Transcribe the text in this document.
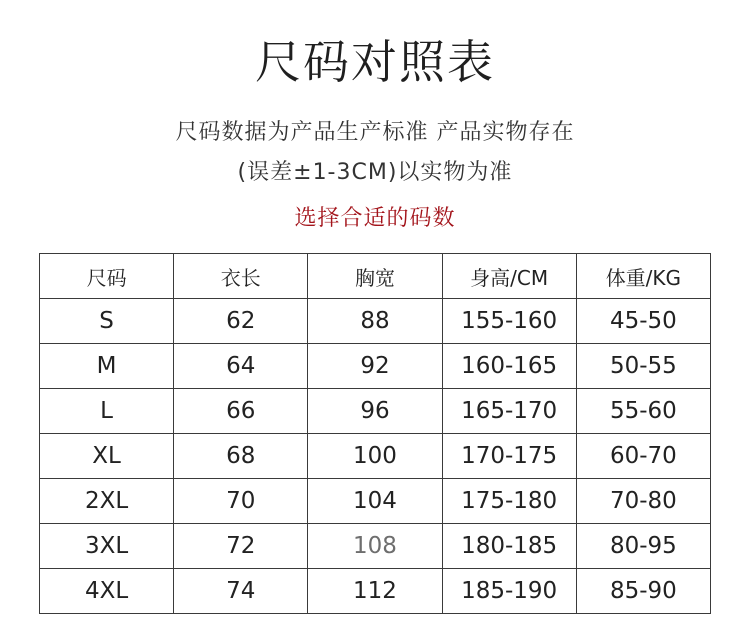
尺码对照表
尺码数据为产品生产标准 产品实物存在
(误差±1-3CM)以实物为准
选择合适的码数
尺码	衣长	胸宽	身高/CM	体重/KG
S	62	88	155-160	45-50
M	64	92	160-165	50-55
L	66	96	165-170	55-60
XL	68	100	170-175	60-70
2XL	70	104	175-180	70-80
3XL	72	108	180-185	80-95
4XL	74	112	185-190	85-90
